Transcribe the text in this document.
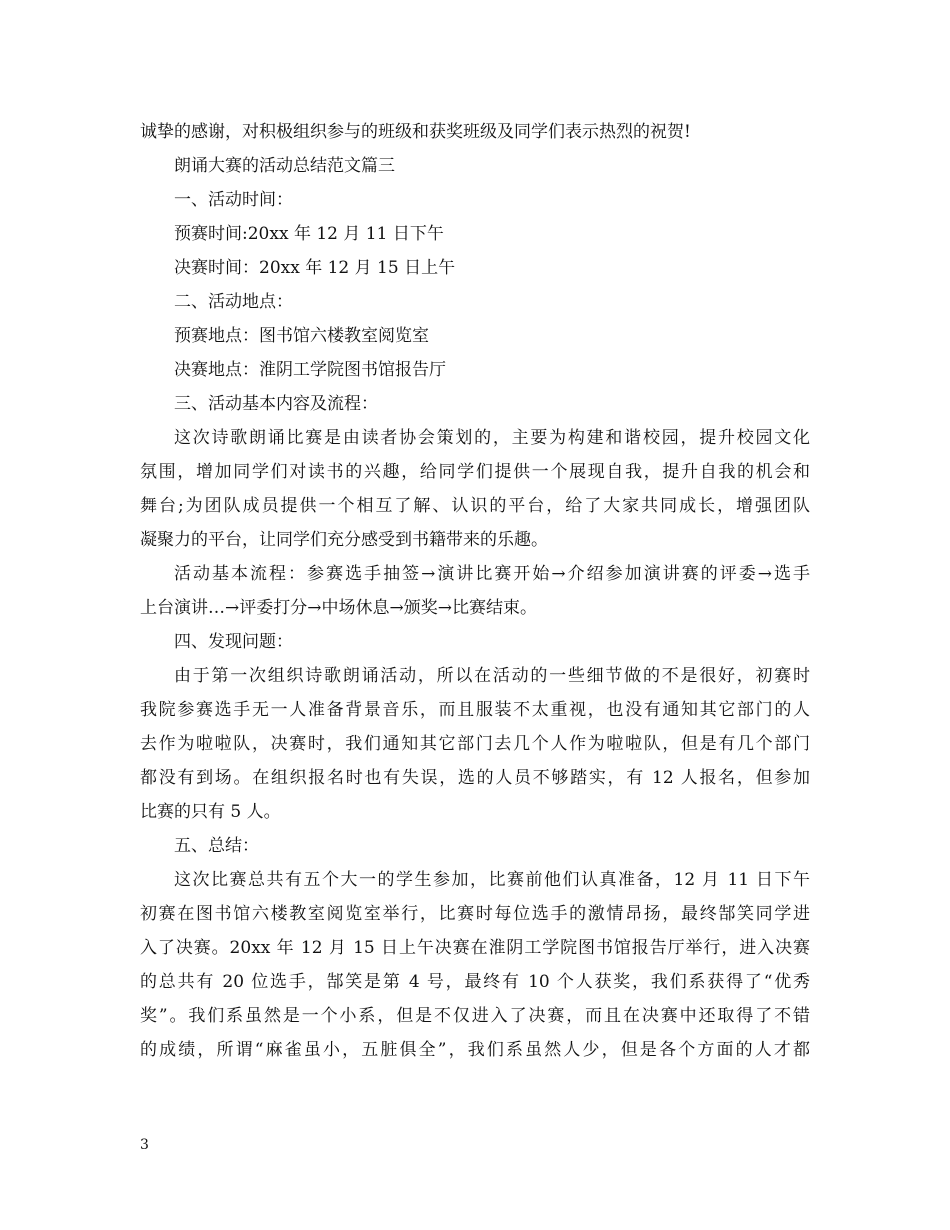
诚挚的感谢，对积极组织参与的班级和获奖班级及同学们表示热烈的祝贺!
朗诵大赛的活动总结范文篇三
一、活动时间：
预赛时间:20xx 年 12 月 11 日下午
决赛时间：20xx 年 12 月 15 日上午
二、活动地点：
预赛地点：图书馆六楼教室阅览室
决赛地点：淮阴工学院图书馆报告厅
三、活动基本内容及流程：
这次诗歌朗诵比赛是由读者协会策划的，主要为构建和谐校园，提升校园文化
氛围，增加同学们对读书的兴趣，给同学们提供一个展现自我，提升自我的机会和
舞台;为团队成员提供一个相互了解、认识的平台，给了大家共同成长，增强团队
凝聚力的平台，让同学们充分感受到书籍带来的乐趣。
活动基本流程：参赛选手抽签→演讲比赛开始→介绍参加演讲赛的评委→选手
上台演讲…→评委打分→中场休息→颁奖→比赛结束。
四、发现问题：
由于第一次组织诗歌朗诵活动，所以在活动的一些细节做的不是很好，初赛时
我院参赛选手无一人准备背景音乐，而且服装不太重视，也没有通知其它部门的人
去作为啦啦队，决赛时，我们通知其它部门去几个人作为啦啦队，但是有几个部门
都没有到场。在组织报名时也有失误，选的人员不够踏实，有 12 人报名，但参加
比赛的只有 5 人。
五、总结：
这次比赛总共有五个大一的学生参加，比赛前他们认真准备，12 月 11 日下午
初赛在图书馆六楼教室阅览室举行，比赛时每位选手的激情昂扬，最终郜笑同学进
入了决赛。20xx 年 12 月 15 日上午决赛在淮阴工学院图书馆报告厅举行，进入决赛
的总共有 20 位选手，郜笑是第 4 号，最终有 10 个人获奖，我们系获得了“优秀
奖”。我们系虽然是一个小系，但是不仅进入了决赛，而且在决赛中还取得了不错
的成绩，所谓“麻雀虽小，五脏俱全”，我们系虽然人少，但是各个方面的人才都
3
